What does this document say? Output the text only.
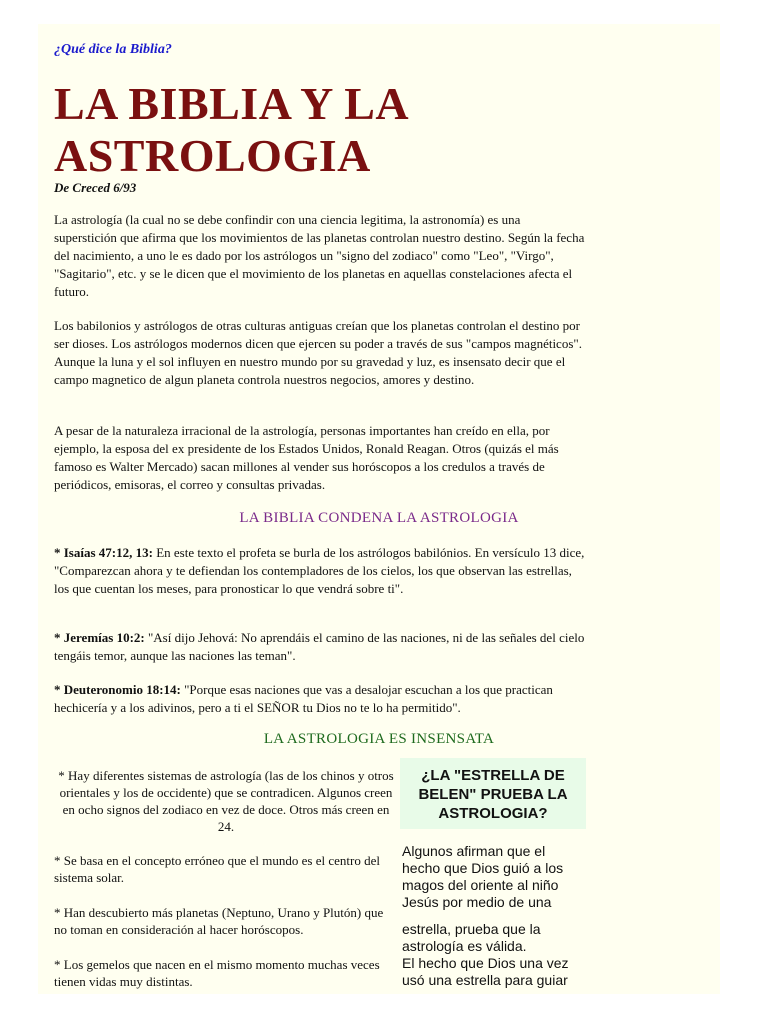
¿Qué dice la Biblia?
LA BIBLIA Y LA
ASTROLOGIA
De Creced 6/93

La astrología (la cual no se debe confindir con una ciencia legitima, la astronomía) es una superstición que afirma que los movimientos de las planetas controlan nuestro destino. Según la fecha del nacimiento, a uno le es dado por los astrólogos un "signo del zodiaco" como "Leo", "Virgo", "Sagitario", etc. y se le dicen que el movimiento de los planetas en aquellas constelaciones afecta el futuro.

Los babilonios y astrólogos de otras culturas antiguas creían que los planetas controlan el destino por ser dioses. Los astrólogos modernos dicen que ejercen su poder a través de sus "campos magnéticos". Aunque la luna y el sol influyen en nuestro mundo por su gravedad y luz, es insensato decir que el campo magnetico de algun planeta controla nuestros negocios, amores y destino.

A pesar de la naturaleza irracional de la astrología, personas importantes han creído en ella, por ejemplo, la esposa del ex presidente de los Estados Unidos, Ronald Reagan. Otros (quizás el más famoso es Walter Mercado) sacan millones al vender sus horóscopos a los credulos a través de periódicos, emisoras, el correo y consultas privadas.

LA BIBLIA CONDENA LA ASTROLOGIA

* Isaías 47:12, 13: En este texto el profeta se burla de los astrólogos babilónios. En versículo 13 dice, "Comparezcan ahora y te defiendan los contempladores de los cielos, los que observan las estrellas, los que cuentan los meses, para pronosticar lo que vendrá sobre ti".

* Jeremías 10:2: "Así dijo Jehová: No aprendáis el camino de las naciones, ni de las señales del cielo tengáis temor, aunque las naciones las teman".

* Deuteronomio 18:14: "Porque esas naciones que vas a desalojar escuchan a los que practican hechicería y a los adivinos, pero a ti el SEÑOR tu Dios no te lo ha permitido".

LA ASTROLOGIA ES INSENSATA

* Hay diferentes sistemas de astrología (las de los chinos y otros orientales y los de occidente) que se contradicen. Algunos creen en ocho signos del zodiaco en vez de doce. Otros más creen en 24.

* Se basa en el concepto erróneo que el mundo es el centro del sistema solar.

* Han descubierto más planetas (Neptuno, Urano y Plutón) que no toman en consideración al hacer horóscopos.

* Los gemelos que nacen en el mismo momento muchas veces tienen vidas muy distintas.

¿LA "ESTRELLA DE BELEN" PRUEBA LA ASTROLOGIA?

Algunos afirman que el hecho que Dios guió a los magos del oriente al niño Jesús por medio de una

estrella, prueba que la astrología es válida.

El hecho que Dios una vez usó una estrella para guiar
